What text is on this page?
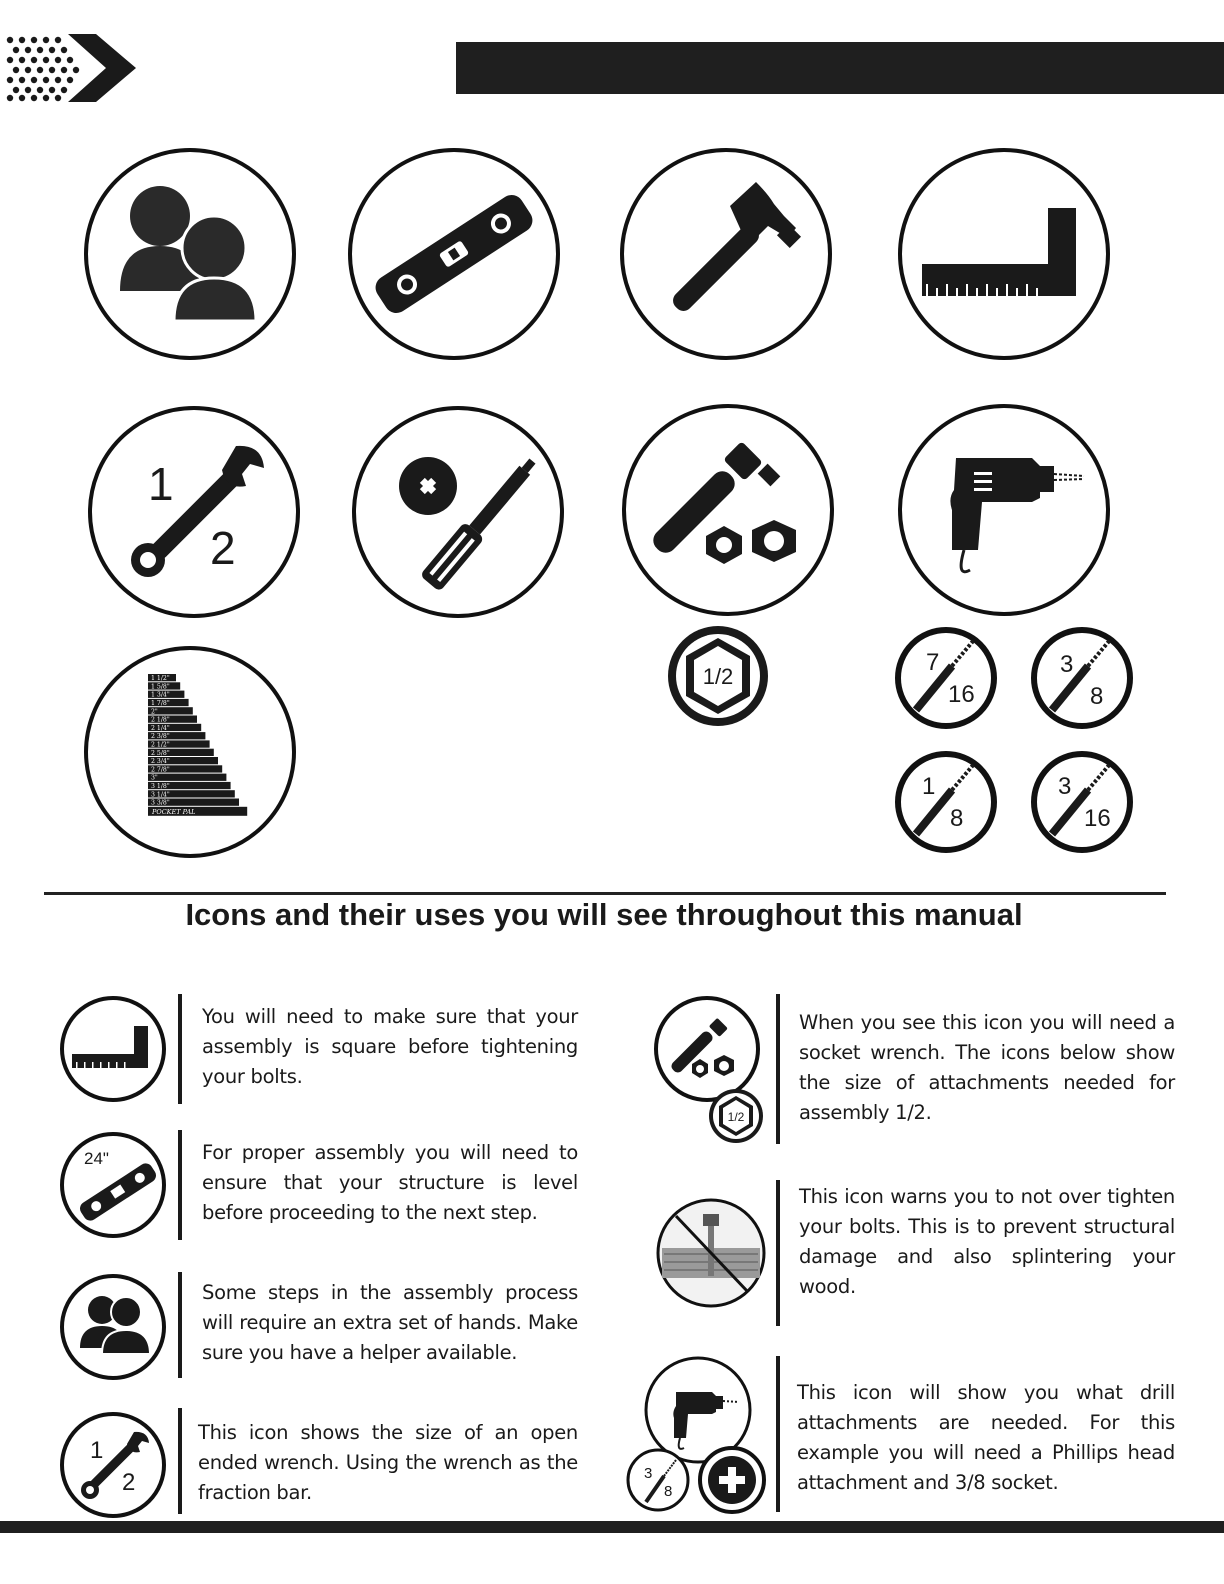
1
2
1 1/2"
1 5/8"
1 3/4"
1 7/8"
2"
2 1/8"
2 1/4"
2 3/8"
2 1/2"
2 5/8"
2 3/4"
2 7/8"
3"
3 1/8"
3 1/4"
3 3/8"
POCKET PAL
1/2
7
16
3
8
1
8
3
16
Icons and their uses you will see throughout this manual
You will need to make sure that your assembly is square before tightening your bolts.
24"	For proper assembly you will need to ensure that your structure is level before proceeding to the next step.
Some steps in the assembly process will require an extra set of hands. Make sure you have a helper available.
1
2
This icon shows the size of an open ended wrench. Using the wrench as the fraction bar.
1/2
When you see this icon you will need a socket wrench. The icons below show the size of attachments needed for assembly 1/2.
This icon warns you to not over tighten your bolts. This is to prevent structural damage and also splintering your wood.
3
8
This icon will show you what drill attachments are needed. For this example you will need a Phillips head attachment and 3/8 socket.
